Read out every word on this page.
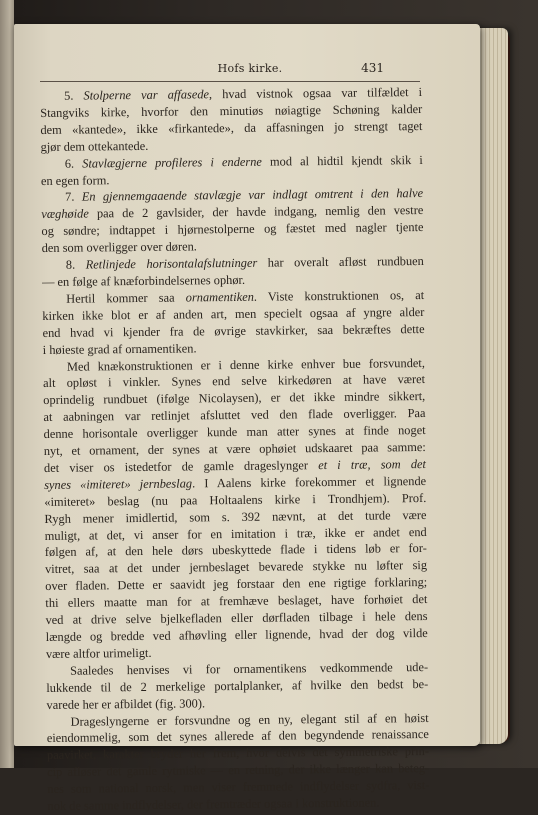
Hofs kirke.	431
5. Stolperne var affasede, hvad vistnok ogsaa var tilfældet i
Stangviks kirke, hvorfor den minutiøs nøiagtige Schøning kalder
dem «kantede», ikke «firkantede», da affasningen jo strengt taget
gjør dem ottekantede.
6. Stavlægjerne profileres i enderne mod al hidtil kjendt skik i
en egen form.
7. En gjennemgaaende stavlægje var indlagt omtrent i den halve
væghøide paa de 2 gavlsider, der havde indgang, nemlig den vestre
og søndre; indtappet i hjørnestolperne og fæstet med nagler tjente
den som overligger over døren.
8. Retlinjede horisontalafslutninger har overalt afløst rundbuen
— en følge af knæforbindelsernes ophør.
Hertil kommer saa ornamentiken. Viste konstruktionen os, at
kirken ikke blot er af anden art, men specielt ogsaa af yngre alder
end hvad vi kjender fra de øvrige stavkirker, saa bekræftes dette
i høieste grad af ornamentiken.
Med knækonstruktionen er i denne kirke enhver bue forsvundet,
alt opløst i vinkler. Synes end selve kirkedøren at have været
oprindelig rundbuet (ifølge Nicolaysen), er det ikke mindre sikkert,
at aabningen var retlinjet afsluttet ved den flade overligger. Paa
denne horisontale overligger kunde man atter synes at finde noget
nyt, et ornament, der synes at være ophøiet udskaaret paa samme:
det viser os istedetfor de gamle drageslynger et i træ, som det
synes «imiteret» jernbeslag. I Aalens kirke forekommer et lignende
«imiteret» beslag (nu paa Holtaalens kirke i Trondhjem). Prof.
Rygh mener imidlertid, som s. 392 nævnt, at det turde være
muligt, at det, vi anser for en imitation i træ, ikke er andet end
følgen af, at den hele dørs ubeskyttede flade i tidens løb er for-
vitret, saa at det under jernbeslaget bevarede stykke nu løfter sig
over fladen. Dette er saavidt jeg forstaar den ene rigtige forklaring;
thi ellers maatte man for at fremhæve beslaget, have forhøiet det
ved at drive selve bjelkefladen eller dørfladen tilbage i hele dens
længde og bredde ved afhøvling eller lignende, hvad der dog vilde
være altfor urimeligt.
Saaledes henvises vi for ornamentikens vedkommende ude-
lukkende til de 2 merkelige portalplanker, af hvilke den bedst be-
varede her er afbildet (fig. 300).
Drageslyngerne er forsvundne og en ny, elegant stil af en høist
eiendommelig, som det synes allerede af den begyndende renaissance
paavirket, karakter bryder her frem, hvor delvis det symmetriske prin-
cip afløser det gamle rytmiske — en retning, der ikke længer kan beteg-
nes som national norsk, men viser fremmede indflydelser sydfra, vist-
nok de samme indflydelser, der fremtræder ogsaa i konstruktionen.
